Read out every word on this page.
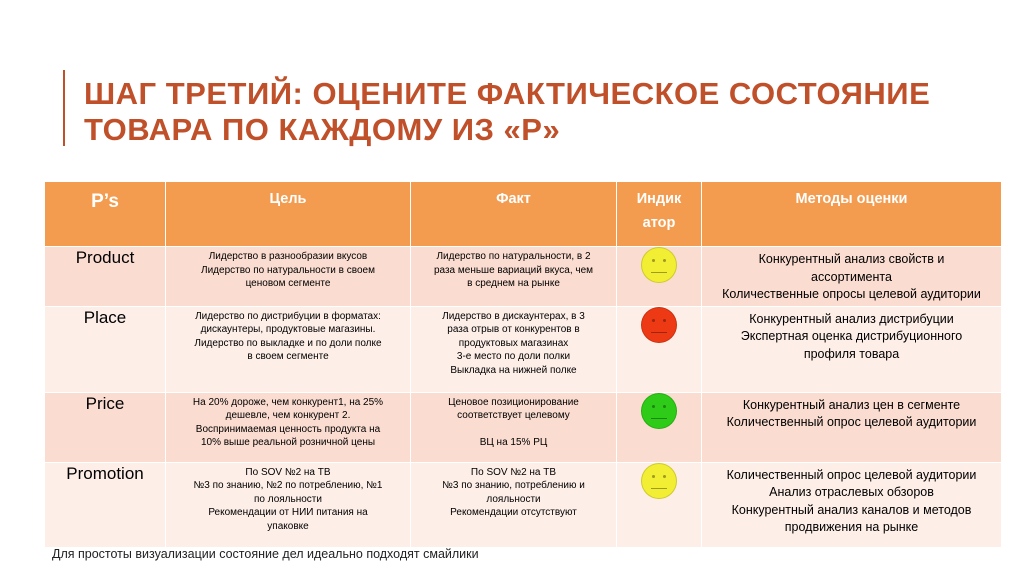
ШАГ ТРЕТИЙ: ОЦЕНИТЕ ФАКТИЧЕСКОЕ СОСТОЯНИЕ
ТОВАРА ПО КАЖДОМУ ИЗ «Р»
P’s	Цель	Факт	Индик
атор	Методы оценки
Product	Лидерство в разнообразии вкусов
Лидерство по натуральности в своем
ценовом сегменте	Лидерство по натуральности, в 2
раза меньше вариаций вкуса, чем
в среднем на рынке		Конкурентный анализ свойств и
ассортимента
Количественные опросы целевой аудитории

Place	Лидерство по дистрибуции в форматах:
дискаунтеры, продуктовые магазины.
Лидерство по выкладке и по доли полке
в своем сегменте	Лидерство в дискаунтерах, в 3
раза отрыв от конкурентов в
продуктовых магазинах
3-е место по доли полки
Выкладка на нижней полке		Конкурентный анализ дистрибуции
Экспертная оценка дистрибуционного
профиля товара

Price	На 20% дороже, чем конкурент1, на 25%
дешевле, чем конкурент 2.
Воспринимаемая ценность продукта на
10% выше реальной розничной цены	Ценовое позиционирование
соответствует целевому
ВЦ на 15% РЦ		Конкурентный анализ цен в сегменте
Количественный опрос целевой аудитории

Promotion	По SOV №2 на ТВ
№3 по знанию, №2 по потреблению, №1
по лояльности
Рекомендации от НИИ питания на
упаковке	По SOV №2 на ТВ
№3 по знанию, потреблению и
лояльности
Рекомендации отсутствуют		Количественный опрос целевой аудитории
Анализ отраслевых обзоров
Конкурентный анализ каналов и методов
продвижения на рынке
Для простоты визуализации состояние дел идеально подходят смайлики
